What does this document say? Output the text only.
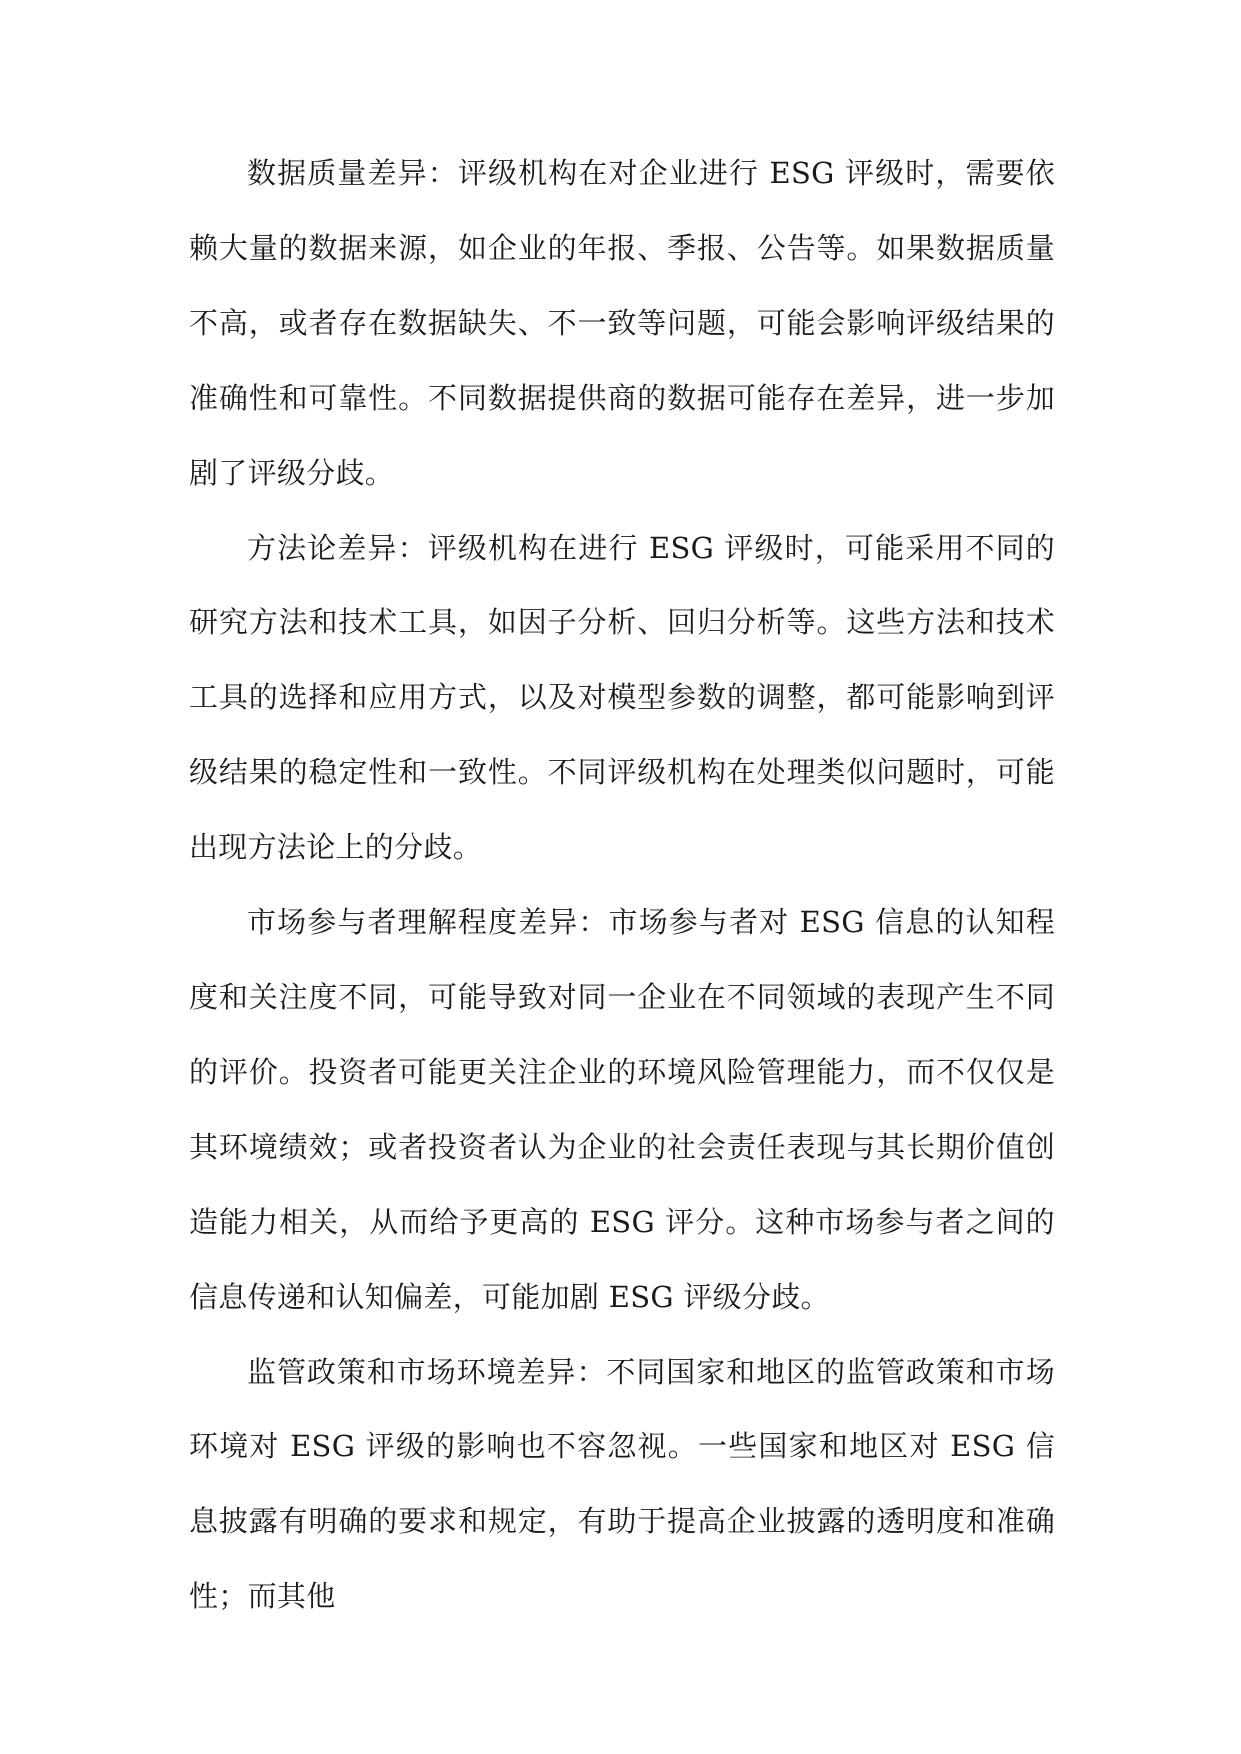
数据质量差异：评级机构在对企业进行 ESG 评级时，需要依赖大量的数据来源，如企业的年报、季报、公告等。如果数据质量不高，或者存在数据缺失、不一致等问题，可能会影响评级结果的准确性和可靠性。不同数据提供商的数据可能存在差异，进一步加剧了评级分歧。

方法论差异：评级机构在进行 ESG 评级时，可能采用不同的研究方法和技术工具，如因子分析、回归分析等。这些方法和技术工具的选择和应用方式，以及对模型参数的调整，都可能影响到评级结果的稳定性和一致性。不同评级机构在处理类似问题时，可能出现方法论上的分歧。

市场参与者理解程度差异：市场参与者对 ESG 信息的认知程度和关注度不同，可能导致对同一企业在不同领域的表现产生不同的评价。投资者可能更关注企业的环境风险管理能力，而不仅仅是其环境绩效；或者投资者认为企业的社会责任表现与其长期价值创造能力相关，从而给予更高的 ESG 评分。这种市场参与者之间的信息传递和认知偏差，可能加剧 ESG 评级分歧。

监管政策和市场环境差异：不同国家和地区的监管政策和市场环境对 ESG 评级的影响也不容忽视。一些国家和地区对 ESG 信息披露有明确的要求和规定，有助于提高企业披露的透明度和准确性；而其他
